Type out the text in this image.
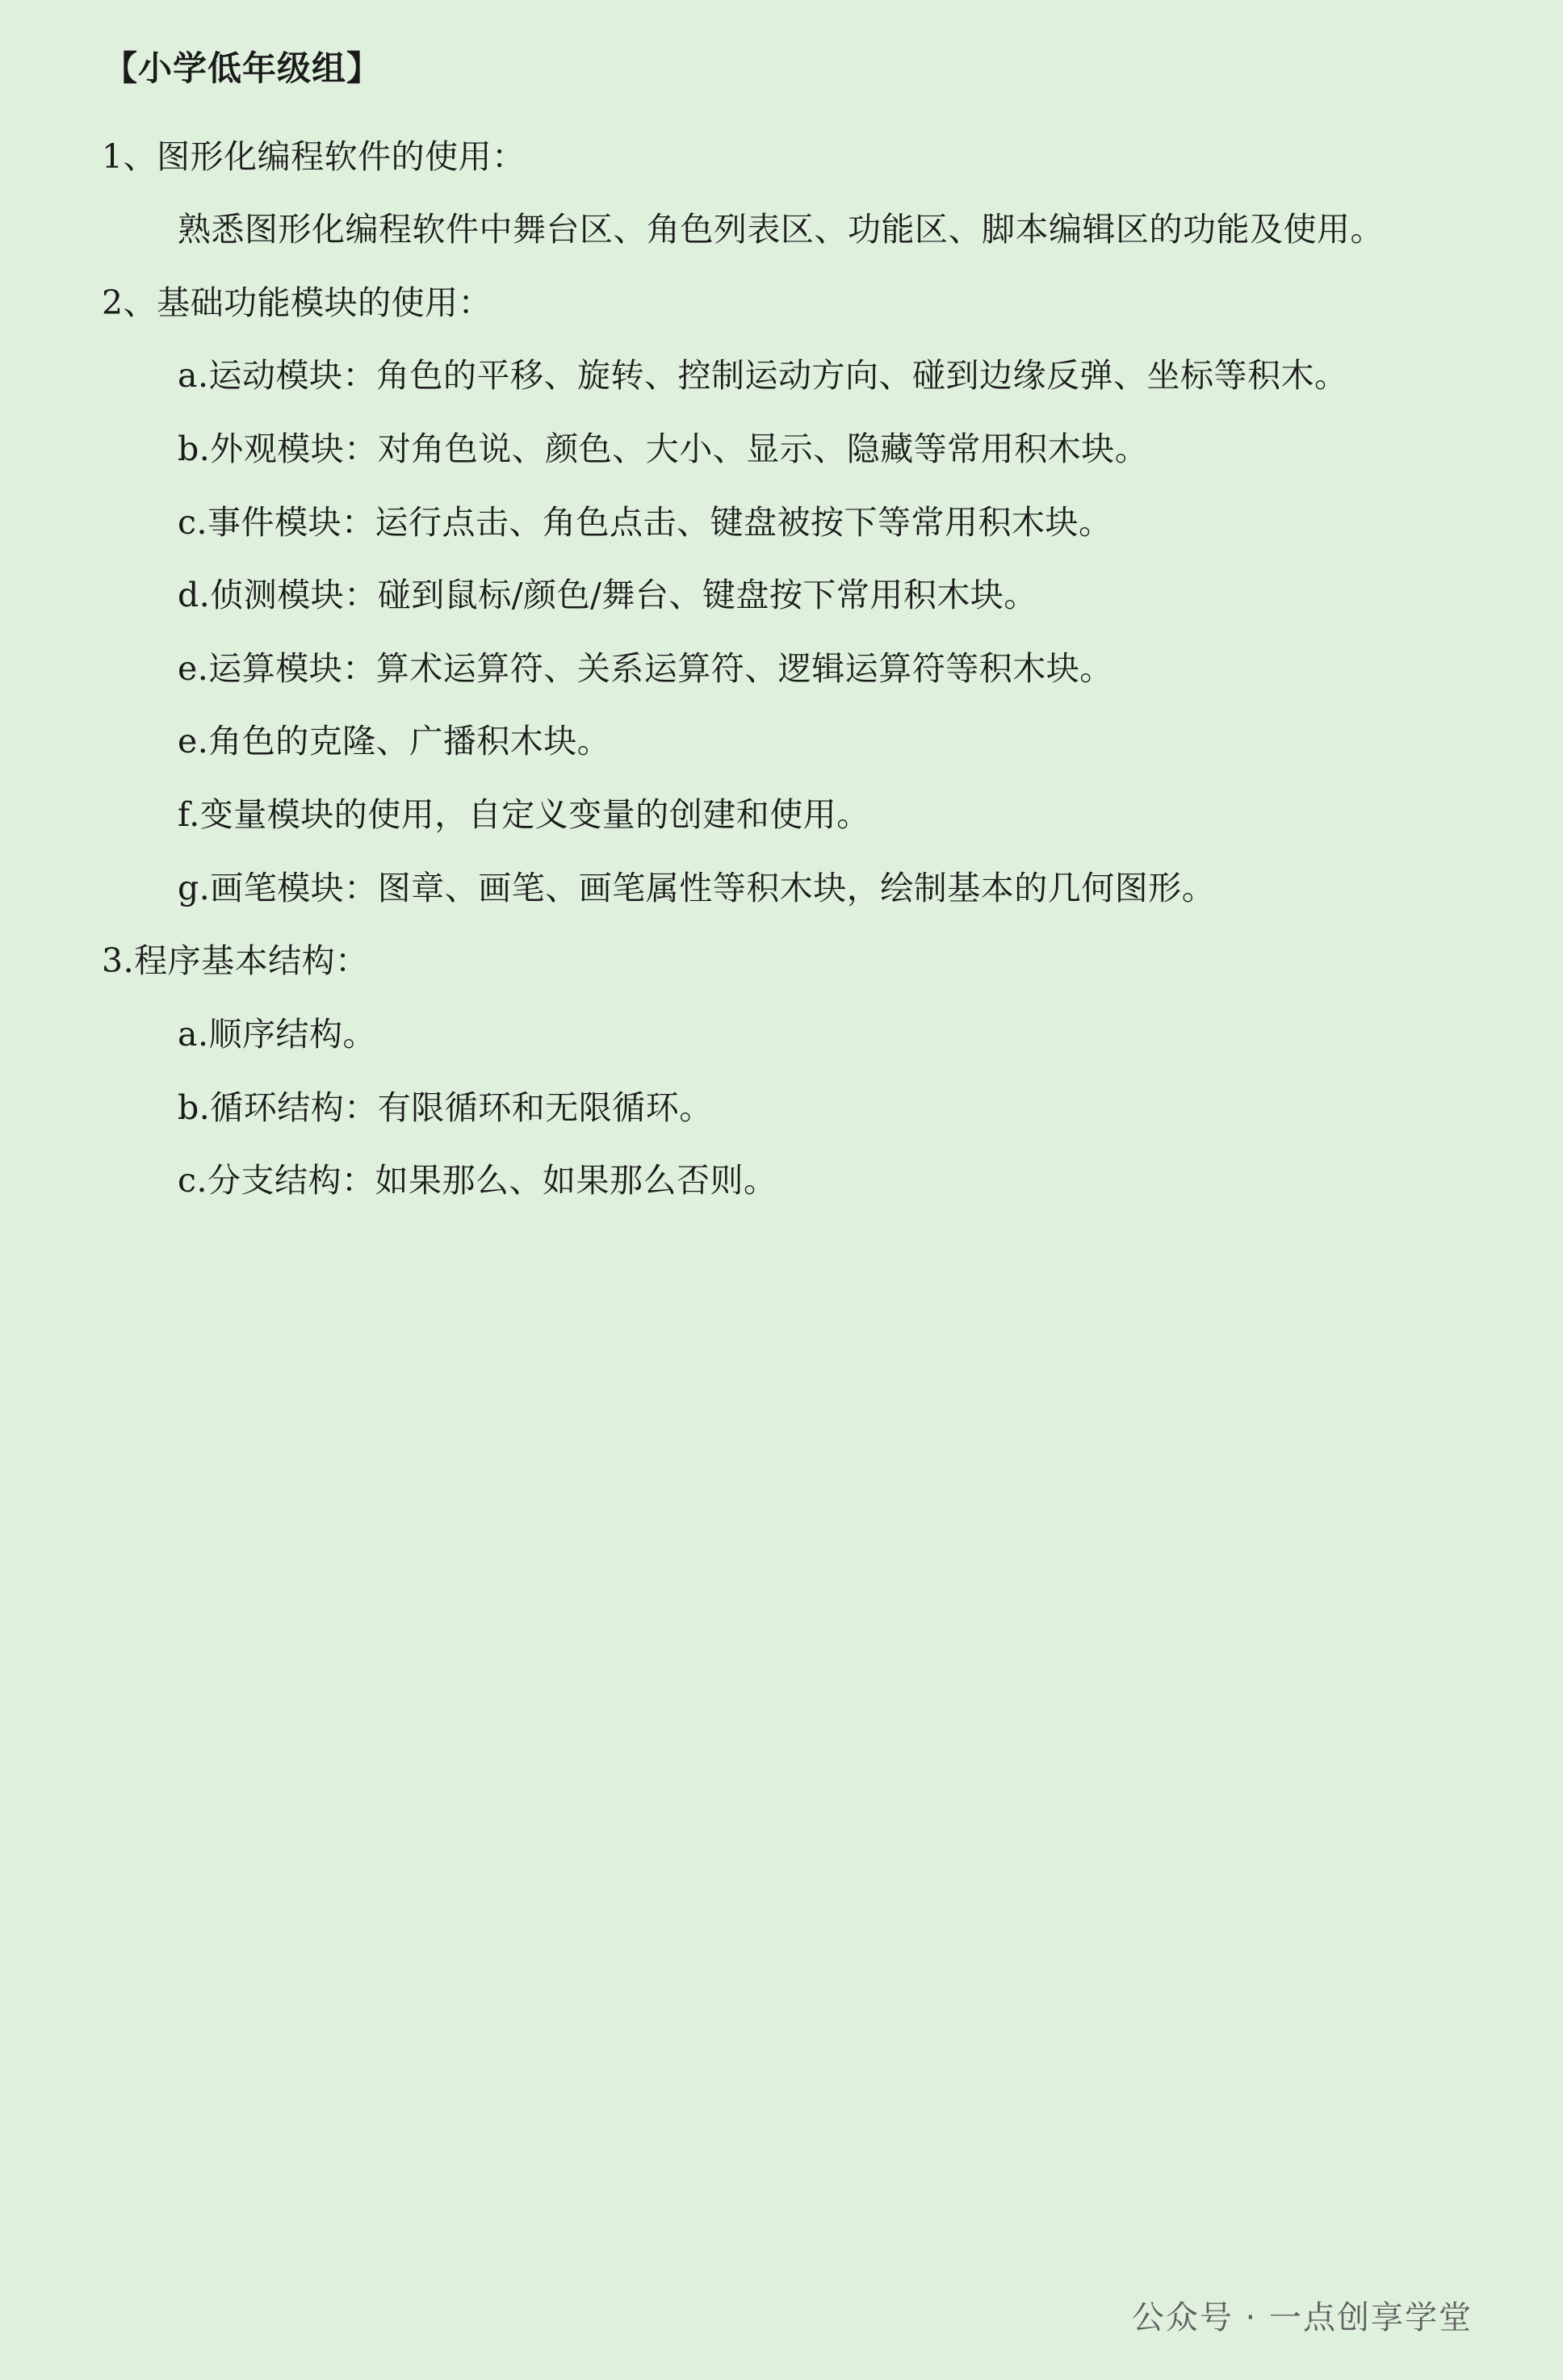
【小学低年级组】

1、图形化编程软件的使用：

熟悉图形化编程软件中舞台区、角色列表区、功能区、脚本编辑区的功能及使用。

2、基础功能模块的使用：

a.运动模块：角色的平移、旋转、控制运动方向、碰到边缘反弹、坐标等积木。

b.外观模块：对角色说、颜色、大小、显示、隐藏等常用积木块。

c.事件模块：运行点击、角色点击、键盘被按下等常用积木块。

d.侦测模块：碰到鼠标/颜色/舞台、键盘按下常用积木块。

e.运算模块：算术运算符、关系运算符、逻辑运算符等积木块。

e.角色的克隆、广播积木块。

f.变量模块的使用，自定义变量的创建和使用。

g.画笔模块：图章、画笔、画笔属性等积木块，绘制基本的几何图形。

3.程序基本结构：

a.顺序结构。

b.循环结构：有限循环和无限循环。

c.分支结构：如果那么、如果那么否则。

公众号 · 一点创享学堂
